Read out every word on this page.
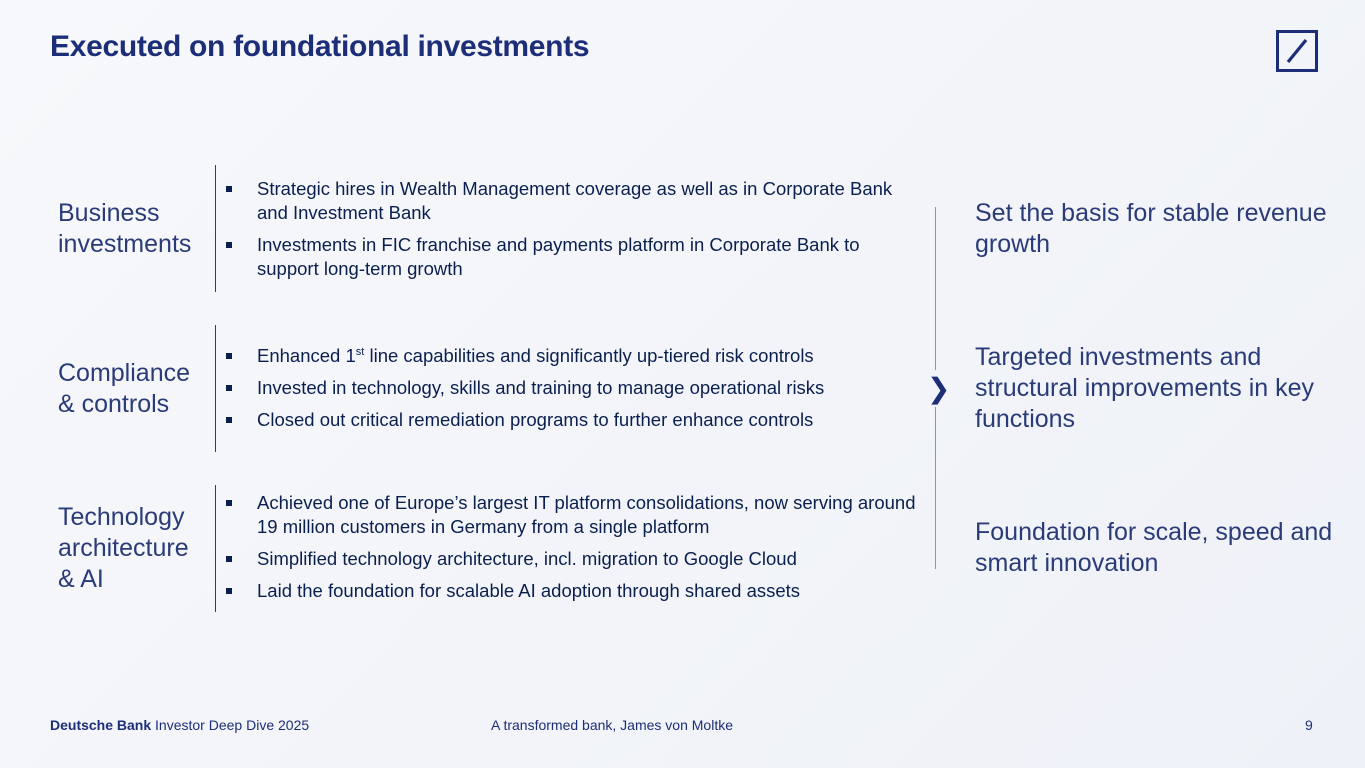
Executed on foundational investments
Business investments
Strategic hires in Wealth Management coverage as well as in Corporate Bank and Investment Bank
Investments in FIC franchise and payments platform in Corporate Bank to support long-term growth
Compliance & controls
Enhanced 1st line capabilities and significantly up-tiered risk controls
Invested in technology, skills and training to manage operational risks
Closed out critical remediation programs to further enhance controls
Technology architecture & AI
Achieved one of Europe’s largest IT platform consolidations, now serving around 19 million customers in Germany from a single platform
Simplified technology architecture, incl. migration to Google Cloud
Laid the foundation for scalable AI adoption through shared assets
❯
Set the basis for stable revenue growth
Targeted investments and structural improvements in key functions
Foundation for scale, speed and smart innovation
Deutsche Bank Investor Deep Dive 2025	A transformed bank, James von Moltke	9
